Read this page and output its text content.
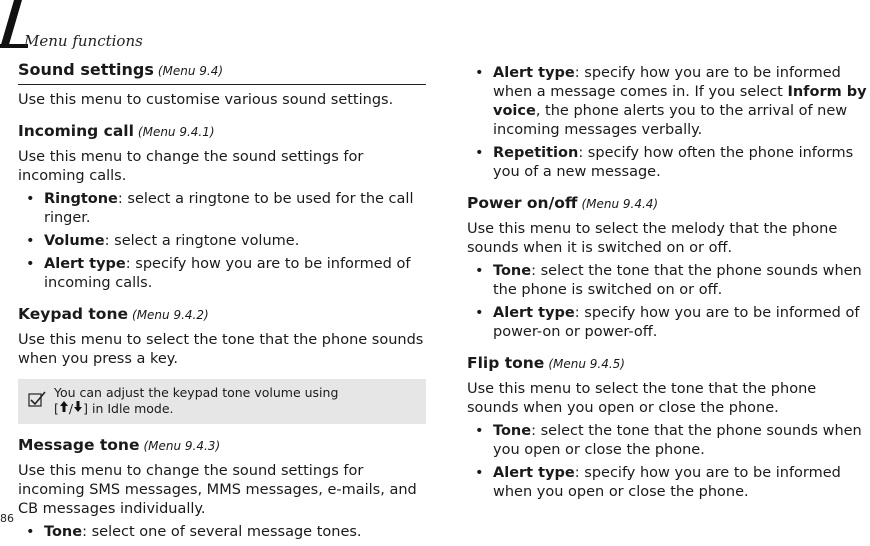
Menu functions
86
Sound settings (Menu 9.4)

Use this menu to customise various sound settings.

Incoming call (Menu 9.4.1)

Use this menu to change the sound settings for incoming calls.

• Ringtone: select a ringtone to be used for the call ringer.
• Volume: select a ringtone volume.
• Alert type: specify how you are to be informed of incoming calls.
Keypad tone (Menu 9.4.2)

Use this menu to select the tone that the phone sounds when you press a key.

You can adjust the keypad tone volume using
[ / ] in Idle mode.
Message tone (Menu 9.4.3)

Use this menu to change the sound settings for incoming SMS messages, MMS messages, e-mails, and CB messages individually.

• Tone: select one of several message tones.
• Alert type: specify how you are to be informed when a message comes in. If you select Inform by voice, the phone alerts you to the arrival of new incoming messages verbally.
• Repetition: specify how often the phone informs you of a new message.
Power on/off (Menu 9.4.4)

Use this menu to select the melody that the phone sounds when it is switched on or off.

• Tone: select the tone that the phone sounds when the phone is switched on or off.
• Alert type: specify how you are to be informed of power-on or power-off.
Flip tone (Menu 9.4.5)

Use this menu to select the tone that the phone sounds when you open or close the phone.

• Tone: select the tone that the phone sounds when you open or close the phone.
• Alert type: specify how you are to be informed when you open or close the phone.
